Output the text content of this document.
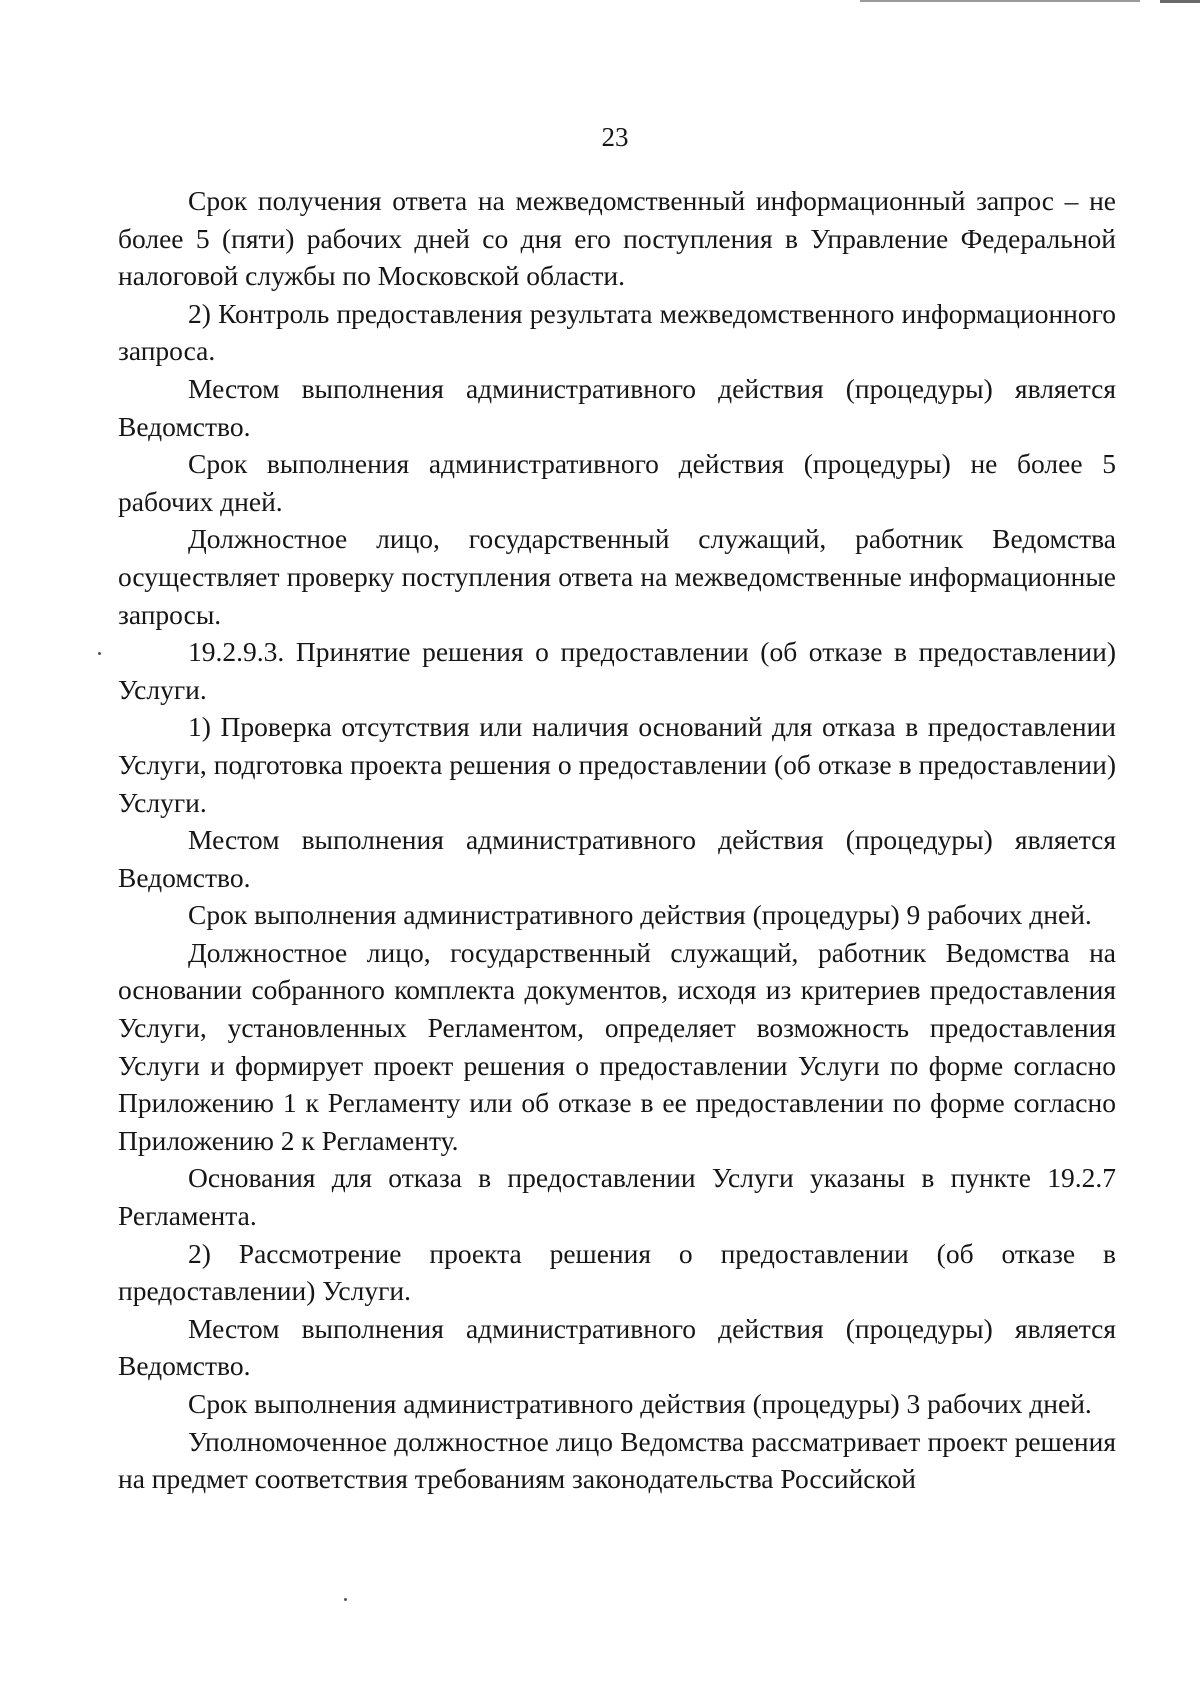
23

Срок получения ответа на межведомственный информационный запрос – не более 5 (пяти) рабочих дней со дня его поступления в Управление Федеральной налоговой службы по Московской области.

2) Контроль предоставления результата межведомственного информационного запроса.

Местом выполнения административного действия (процедуры) является Ведомство.

Срок выполнения административного действия (процедуры) не более 5 рабочих дней.

Должностное лицо, государственный служащий, работник Ведомства осуществляет проверку поступления ответа на межведомственные информационные запросы.

19.2.9.3. Принятие решения о предоставлении (об отказе в предоставлении) Услуги.

1) Проверка отсутствия или наличия оснований для отказа в предоставлении Услуги, подготовка проекта решения о предоставлении (об отказе в предоставлении) Услуги.

Местом выполнения административного действия (процедуры) является Ведомство.

Срок выполнения административного действия (процедуры) 9 рабочих дней.

Должностное лицо, государственный служащий, работник Ведомства на основании собранного комплекта документов, исходя из критериев предоставления Услуги, установленных Регламентом, определяет возможность предоставления Услуги и формирует проект решения о предоставлении Услуги по форме согласно Приложению 1 к Регламенту или об отказе в ее предоставлении по форме согласно Приложению 2 к Регламенту.

Основания для отказа в предоставлении Услуги указаны в пункте 19.2.7 Регламента.

2) Рассмотрение проекта решения о предоставлении (об отказе в предоставлении) Услуги.

Местом выполнения административного действия (процедуры) является Ведомство.

Срок выполнения административного действия (процедуры) 3 рабочих дней.

Уполномоченное должностное лицо Ведомства рассматривает проект решения на предмет соответствия требованиям законодательства Российской
